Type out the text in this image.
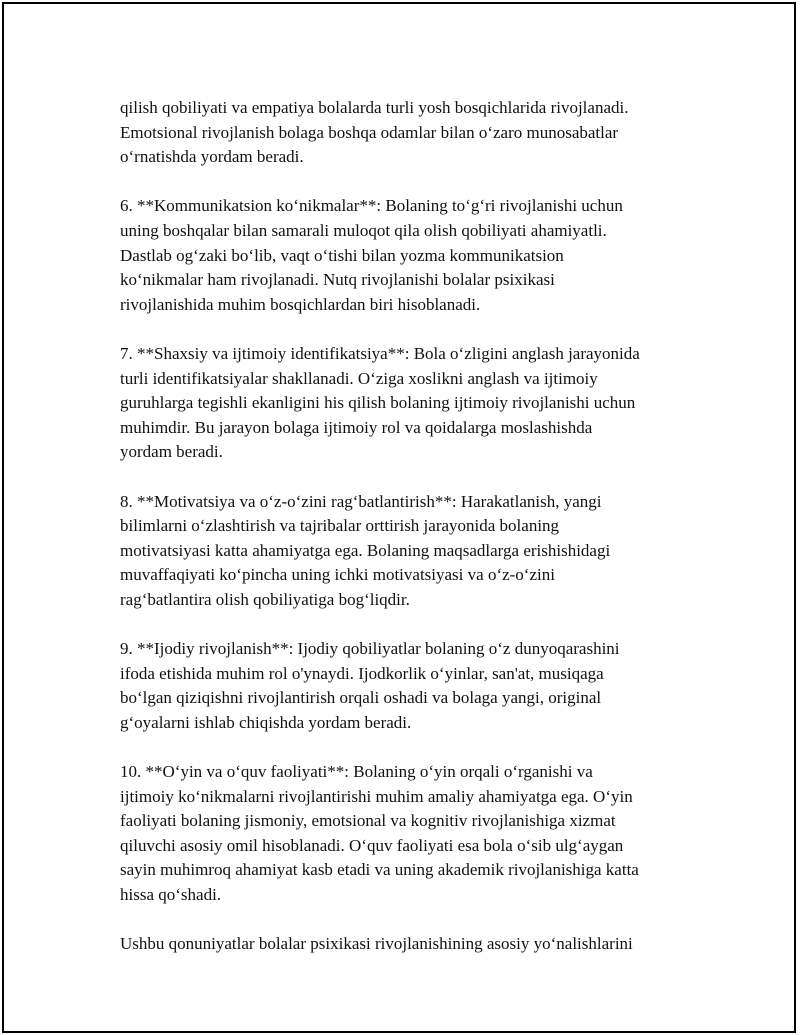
qilish qobiliyati va empatiya bolalarda turli yosh bosqichlarida rivojlanadi.
Emotsional rivojlanish bolaga boshqa odamlar bilan o‘zaro munosabatlar
o‘rnatishda yordam beradi.

6. **Kommunikatsion ko‘nikmalar**: Bolaning to‘g‘ri rivojlanishi uchun
uning boshqalar bilan samarali muloqot qila olish qobiliyati ahamiyatli.
Dastlab og‘zaki bo‘lib, vaqt o‘tishi bilan yozma kommunikatsion
ko‘nikmalar ham rivojlanadi. Nutq rivojlanishi bolalar psixikasi
rivojlanishida muhim bosqichlardan biri hisoblanadi.

7. **Shaxsiy va ijtimoiy identifikatsiya**: Bola o‘zligini anglash jarayonida
turli identifikatsiyalar shakllanadi. O‘ziga xoslikni anglash va ijtimoiy
guruhlarga tegishli ekanligini his qilish bolaning ijtimoiy rivojlanishi uchun
muhimdir. Bu jarayon bolaga ijtimoiy rol va qoidalarga moslashishda
yordam beradi.

8. **Motivatsiya va o‘z-o‘zini rag‘batlantirish**: Harakatlanish, yangi
bilimlarni o‘zlashtirish va tajribalar orttirish jarayonida bolaning
motivatsiyasi katta ahamiyatga ega. Bolaning maqsadlarga erishishidagi
muvaffaqiyati ko‘pincha uning ichki motivatsiyasi va o‘z-o‘zini
rag‘batlantira olish qobiliyatiga bog‘liqdir.

9. **Ijodiy rivojlanish**: Ijodiy qobiliyatlar bolaning o‘z dunyoqarashini
ifoda etishida muhim rol o'ynaydi. Ijodkorlik o‘yinlar, san'at, musiqaga
bo‘lgan qiziqishni rivojlantirish orqali oshadi va bolaga yangi, original
g‘oyalarni ishlab chiqishda yordam beradi.

10. **O‘yin va o‘quv faoliyati**: Bolaning o‘yin orqali o‘rganishi va
ijtimoiy ko‘nikmalarni rivojlantirishi muhim amaliy ahamiyatga ega. O‘yin
faoliyati bolaning jismoniy, emotsional va kognitiv rivojlanishiga xizmat
qiluvchi asosiy omil hisoblanadi. O‘quv faoliyati esa bola o‘sib ulg‘aygan
sayin muhimroq ahamiyat kasb etadi va uning akademik rivojlanishiga katta
hissa qo‘shadi.

Ushbu qonuniyatlar bolalar psixikasi rivojlanishining asosiy yo‘nalishlarini
